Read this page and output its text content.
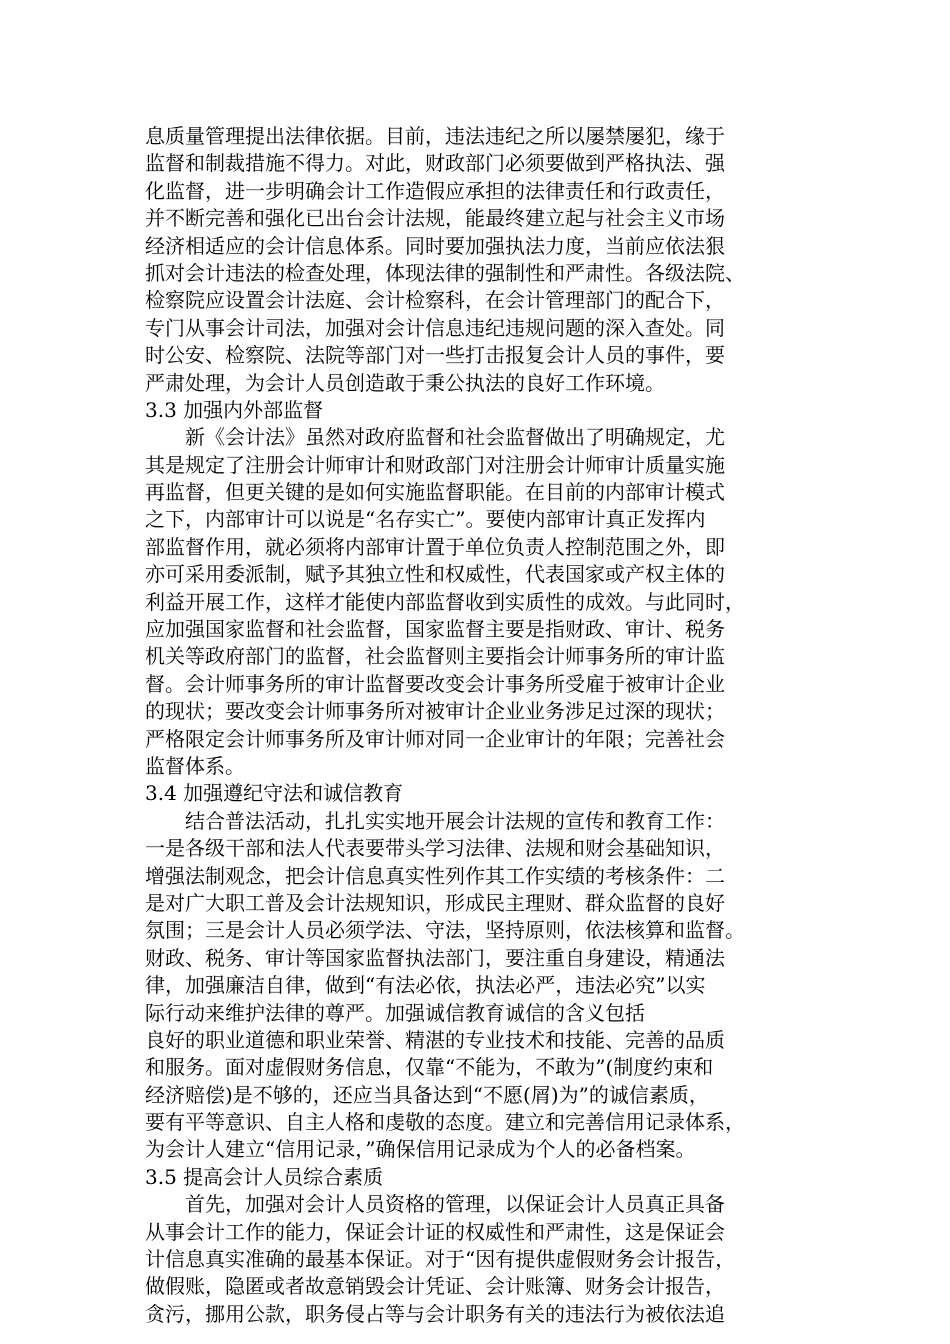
息质量管理提出法律依据。目前，违法违纪之所以屡禁屡犯，缘于
监督和制裁措施不得力。对此，财政部门必须要做到严格执法、强
化监督，进一步明确会计工作造假应承担的法律责任和行政责任，
并不断完善和强化已出台会计法规，能最终建立起与社会主义市场
经济相适应的会计信息体系。同时要加强执法力度，当前应依法狠
抓对会计违法的检查处理，体现法律的强制性和严肃性。各级法院、
检察院应设置会计法庭、会计检察科，在会计管理部门的配合下，
专门从事会计司法，加强对会计信息违纪违规问题的深入查处。同
时公安、检察院、法院等部门对一些打击报复会计人员的事件，要
严肃处理，为会计人员创造敢于秉公执法的良好工作环境。
3.3 加强内外部监督
新《会计法》虽然对政府监督和社会监督做出了明确规定，尤
其是规定了注册会计师审计和财政部门对注册会计师审计质量实施
再监督，但更关键的是如何实施监督职能。在目前的内部审计模式
之下，内部审计可以说是“名存实亡”。要使内部审计真正发挥内
部监督作用，就必须将内部审计置于单位负责人控制范围之外，即
亦可采用委派制，赋予其独立性和权威性，代表国家或产权主体的
利益开展工作，这样才能使内部监督收到实质性的成效。与此同时，
应加强国家监督和社会监督，国家监督主要是指财政、审计、税务
机关等政府部门的监督，社会监督则主要指会计师事务所的审计监
督。会计师事务所的审计监督要改变会计事务所受雇于被审计企业
的现状；要改变会计师事务所对被审计企业业务涉足过深的现状；
严格限定会计师事务所及审计师对同一企业审计的年限；完善社会
监督体系。
3.4 加强遵纪守法和诚信教育
结合普法活动，扎扎实实地开展会计法规的宣传和教育工作：
一是各级干部和法人代表要带头学习法律、法规和财会基础知识，
增强法制观念，把会计信息真实性列作其工作实绩的考核条件：二
是对广大职工普及会计法规知识，形成民主理财、群众监督的良好
氛围；三是会计人员必须学法、守法，坚持原则，依法核算和监督。
财政、税务、审计等国家监督执法部门，要注重自身建设，精通法
律，加强廉洁自律，做到“有法必依，执法必严，违法必究”以实
际行动来维护法律的尊严。加强诚信教育诚信的含义包括
良好的职业道德和职业荣誉、精湛的专业技术和技能、完善的品质
和服务。面对虚假财务信息，仅靠“不能为，不敢为”(制度约束和
经济赔偿)是不够的，还应当具备达到“不愿(屑)为”的诚信素质，
要有平等意识、自主人格和虔敬的态度。建立和完善信用记录体系，
为会计人建立“信用记录，”确保信用记录成为个人的必备档案。
3.5 提高会计人员综合素质
首先，加强对会计人员资格的管理，以保证会计人员真正具备
从事会计工作的能力，保证会计证的权威性和严肃性，这是保证会
计信息真实准确的最基本保证。对于“因有提供虚假财务会计报告，
做假账，隐匿或者故意销毁会计凭证、会计账簿、财务会计报告，
贪污，挪用公款，职务侵占等与会计职务有关的违法行为被依法追
